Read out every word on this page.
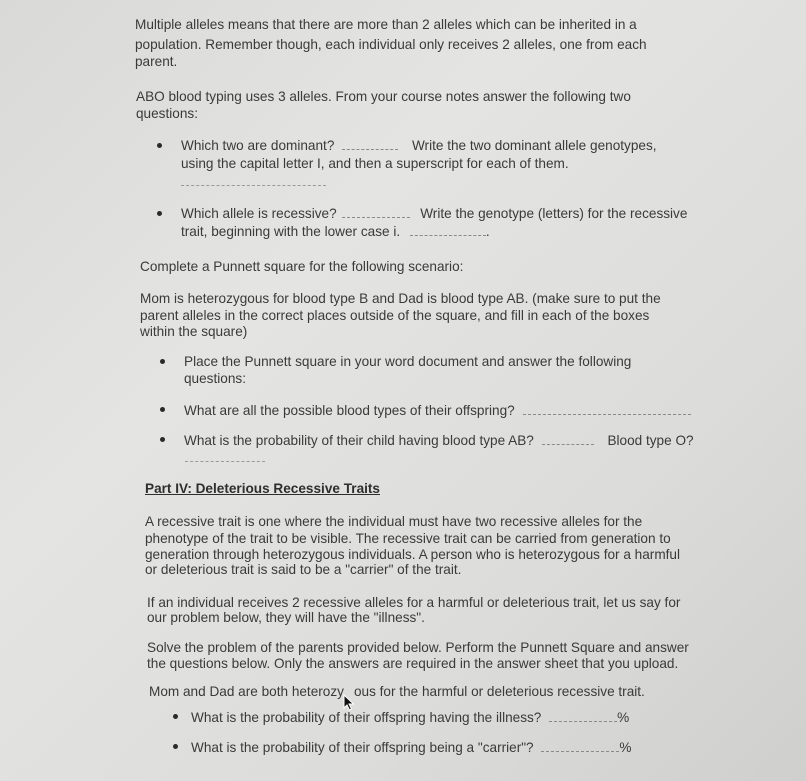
Multiple alleles means that there are more than 2 alleles which can be inherited in a
population. Remember though, each individual only receives 2 alleles, one from each
parent.
ABO blood typing uses 3 alleles. From your course notes answer the following two
questions:
Which two are dominant?	Write the two dominant allele genotypes,
using the capital letter I, and then a superscript for each of them.
Which allele is recessive?	Write the genotype (letters) for the recessive
trait, beginning with the lower case i.	.
Complete a Punnett square for the following scenario:
Mom is heterozygous for blood type B and Dad is blood type AB. (make sure to put the
parent alleles in the correct places outside of the square, and fill in each of the boxes
within the square)
Place the Punnett square in your word document and answer the following
questions:
What are all the possible blood types of their offspring?
What is the probability of their child having blood type AB?	Blood type O?
Part IV: Deleterious Recessive Traits
A recessive trait is one where the individual must have two recessive alleles for the
phenotype of the trait to be visible. The recessive trait can be carried from generation to
generation through heterozygous individuals. A person who is heterozygous for a harmful
or deleterious trait is said to be a "carrier" of the trait.
If an individual receives 2 recessive alleles for a harmful or deleterious trait, let us say for
our problem below, they will have the "illness".
Solve the problem of the parents provided below. Perform the Punnett Square and answer
the questions below. Only the answers are required in the answer sheet that you upload.
Mom and Dad are both heterozy ous for the harmful or deleterious recessive trait.
What is the probability of their offspring having the illness?	%
What is the probability of their offspring being a "carrier"?	%
